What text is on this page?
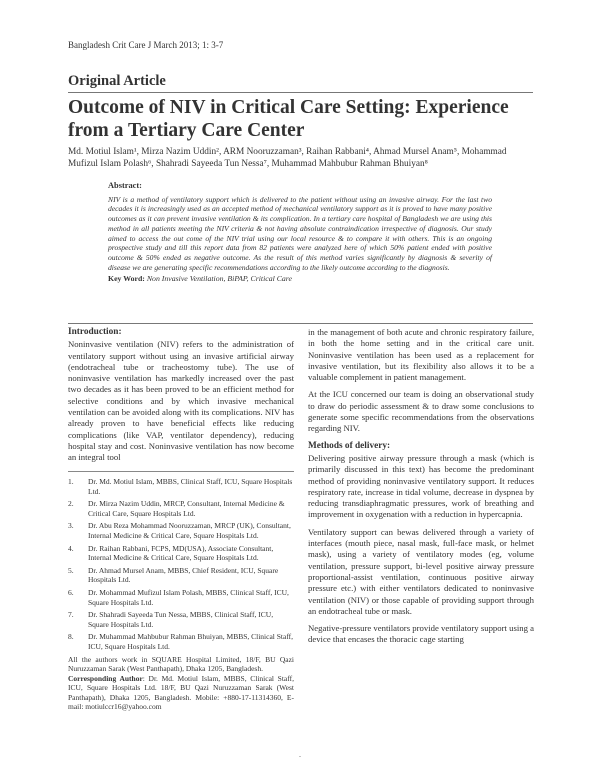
Bangladesh Crit Care J March 2013; 1: 3-7
Original Article
Outcome of NIV in Critical Care Setting: Experience from a Tertiary Care Center
Md. Motiul Islam¹, Mirza Nazim Uddin², ARM Nooruzzaman³, Raihan Rabbani⁴, Ahmad Mursel Anam⁵, Mohammad
Mufizul Islam Polash⁶, Shahradi Sayeeda Tun Nessa⁷, Muhammad Mahbubur Rahman Bhuiyan⁸
Abstract:
NIV is a method of ventilatory support which is delivered to the patient without using an invasive airway. For the last two decades it is increasingly used as an accepted method of mechanical ventilatory support as it is proved to have many positive outcomes as it can prevent invasive ventilation & its complication. In a tertiary care hospital of Bangladesh we are using this method in all patients meeting the NIV criteria & not having absolute contraindication irrespective of diagnosis. Our study aimed to access the out come of the NIV trial using our local resource & to compare it with others. This is an ongoing prospective study and till this report data from 82 patients were analyzed here of which 50% patient ended with positive outcome & 50% ended as negative outcome. As the result of this method varies significantly by diagnosis & severity of disease we are generating specific recommendations according to the likely outcome according to the diagnosis.
Key Word: Non Invasive Ventilation, BiPAP, Critical Care
Introduction:

Noninvasive ventilation (NIV) refers to the administration of ventilatory support without using an invasive artificial airway (endotracheal tube or tracheostomy tube). The use of noninvasive ventilation has markedly increased over the past two decades as it has been proved to be an efficient method for selective conditions and by which invasive mechanical ventilation can be avoided along with its complications. NIV has already proven to have beneficial effects like reducing complications (like VAP, ventilator dependency), reducing hospital stay and cost. Noninvasive ventilation has now become an integral tool

1.	Dr. Md. Motiul Islam, MBBS, Clinical Staff, ICU, Square Hospitals Ltd.
2.	Dr. Mirza Nazim Uddin, MRCP, Consultant, Internal Medicine & Critical Care, Square Hospitals Ltd.
3.	Dr. Abu Reza Mohammad Nooruzzaman, MRCP (UK), Consultant, Internal Medicine & Critical Care, Square Hospitals Ltd.
4.	Dr. Raihan Rabbani, FCPS, MD(USA), Associate Consultant, Internal Medicine & Critical Care, Square Hospitals Ltd.
5.	Dr. Ahmad Mursel Anam, MBBS, Chief Resident, ICU, Square Hospitals Ltd.
6.	Dr. Mohammad Mufizul Islam Polash, MBBS, Clinical Staff, ICU, Square Hospitals Ltd.
7.	Dr. Shahradi Sayeeda Tun Nessa, MBBS, Clinical Staff, ICU, Square Hospitals Ltd.
8.	Dr. Muhammad Mahbubur Rahman Bhuiyan, MBBS, Clinical Staff, ICU, Square Hospitals Ltd.
All the authors work in SQUARE Hospital Limited, 18/F, BU Qazi Nuruzzaman Sarak (West Panthapath), Dhaka 1205, Bangladesh.
Corresponding Author: Dr. Md. Motiul Islam, MBBS, Clinical Staff, ICU, Square Hospitals Ltd. 18/F, BU Qazi Nuruzzaman Sarak (West Panthapath), Dhaka 1205, Bangladesh. Mobile: +880-17-11314360, E-mail: motiulccr16@yahoo.com

in the management of both acute and chronic respiratory failure, in both the home setting and in the critical care unit. Noninvasive ventilation has been used as a replacement for invasive ventilation, but its flexibility also allows it to be a valuable complement in patient management.

At the ICU concerned our team is doing an observational study to draw do periodic assessment & to draw some conclusions to generate some specific recommendations from the observations regarding NIV.

Methods of delivery:

Delivering positive airway pressure through a mask (which is primarily discussed in this text) has become the predominant method of providing noninvasive ventilatory support. It reduces respiratory rate, increase in tidal volume, decrease in dyspnea by reducing transdiaphragmatic pressures, work of breathing and improvement in oxygenation with a reduction in hypercapnia.

Ventilatory support can bewas delivered through a variety of interfaces (mouth piece, nasal mask, full-face mask, or helmet mask), using a variety of ventilatory modes (eg, volume ventilation, pressure support, bi-level positive airway pressure proportional-assist ventilation, continuous positive airway pressure etc.) with either ventilators dedicated to noninvasive ventilation (NIV) or those capable of providing support through an endotracheal tube or mask.

Negative-pressure ventilators provide ventilatory support using a device that encases the thoracic cage starting

.
